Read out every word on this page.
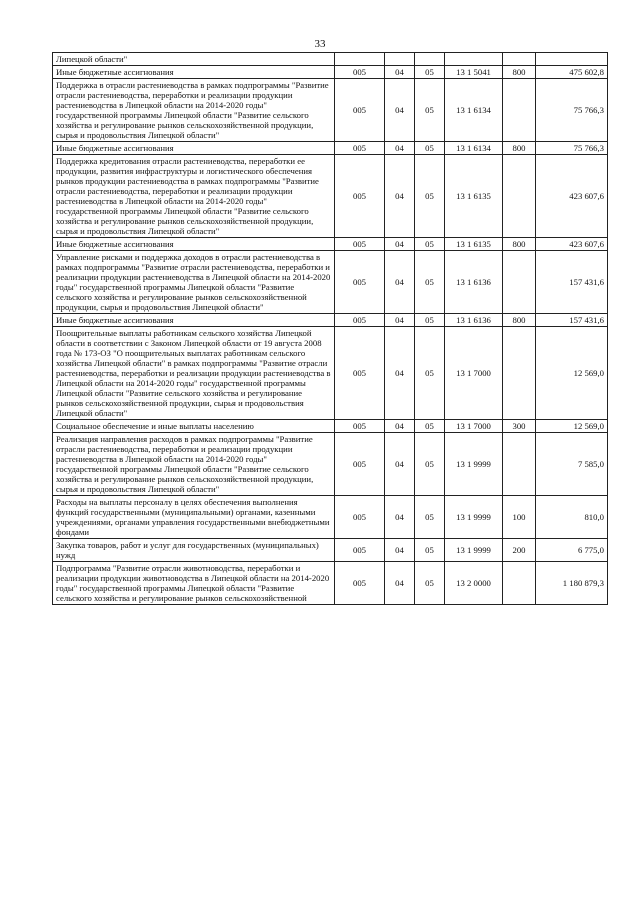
33
Липецкой области"						
Иные бюджетные ассигнования	005	04	05	13 1 5041	800	475 602,8
Поддержка в отрасли растениеводства в рамках подпрограммы "Развитие отрасли растениеводства, переработки и реализации продукции растениеводства в Липецкой области на 2014-2020 годы" государственной программы Липецкой области "Развитие сельского хозяйства и регулирование рынков сельскохозяйственной продукции, сырья и продовольствия Липецкой области"	005	04	05	13 1 6134		75 766,3
Иные бюджетные ассигнования	005	04	05	13 1 6134	800	75 766,3
Поддержка кредитования отрасли растениеводства, переработки ее продукции, развития инфраструктуры и логистического обеспечения рынков продукции растениеводства в рамках подпрограммы "Развитие отрасли растениеводства, переработки и реализации продукции растениеводства в Липецкой области на 2014-2020 годы" государственной программы Липецкой области "Развитие сельского хозяйства и регулирование рынков сельскохозяйственной продукции, сырья и продовольствия Липецкой области"	005	04	05	13 1 6135		423 607,6
Иные бюджетные ассигнования	005	04	05	13 1 6135	800	423 607,6
Управление рисками и поддержка доходов в отрасли растениеводства в рамках подпрограммы "Развитие отрасли растениеводства, переработки и реализации продукции растениеводства в Липецкой области на 2014-2020 годы" государственной программы Липецкой области "Развитие сельского хозяйства и регулирование рынков сельскохозяйственной продукции, сырья и продовольствия Липецкой области"	005	04	05	13 1 6136		157 431,6
Иные бюджетные ассигнования	005	04	05	13 1 6136	800	157 431,6
Поощрительные выплаты работникам сельского хозяйства Липецкой области в соответствии с Законом Липецкой области от 19 августа 2008 года № 173-ОЗ "О поощрительных выплатах работникам сельского хозяйства Липецкой области" в рамках подпрограммы "Развитие отрасли растениеводства, переработки и реализации продукции растениеводства в Липецкой области на 2014-2020 годы" государственной программы Липецкой области "Развитие сельского хозяйства и регулирование рынков сельскохозяйственной продукции, сырья и продовольствия Липецкой области"	005	04	05	13 1 7000		12 569,0
Социальное обеспечение и иные выплаты населению	005	04	05	13 1 7000	300	12 569,0
Реализация направления расходов в рамках подпрограммы "Развитие отрасли растениеводства, переработки и реализации продукции растениеводства в Липецкой области на 2014-2020 годы" государственной программы Липецкой области "Развитие сельского хозяйства и регулирование рынков сельскохозяйственной продукции, сырья и продовольствия Липецкой области"	005	04	05	13 1 9999		7 585,0
Расходы на выплаты персоналу в целях обеспечения выполнения функций государственными (муниципальными) органами, казенными учреждениями, органами управления государственными внебюджетными фондами	005	04	05	13 1 9999	100	810,0
Закупка товаров, работ и услуг для государственных (муниципальных) нужд	005	04	05	13 1 9999	200	6 775,0
Подпрограмма "Развитие отрасли животноводства, переработки и реализации продукции животноводства в Липецкой области на 2014-2020 годы" государственной программы Липецкой области "Развитие сельского хозяйства и регулирование рынков сельскохозяйственной	005	04	05	13 2 0000		1 180 879,3
